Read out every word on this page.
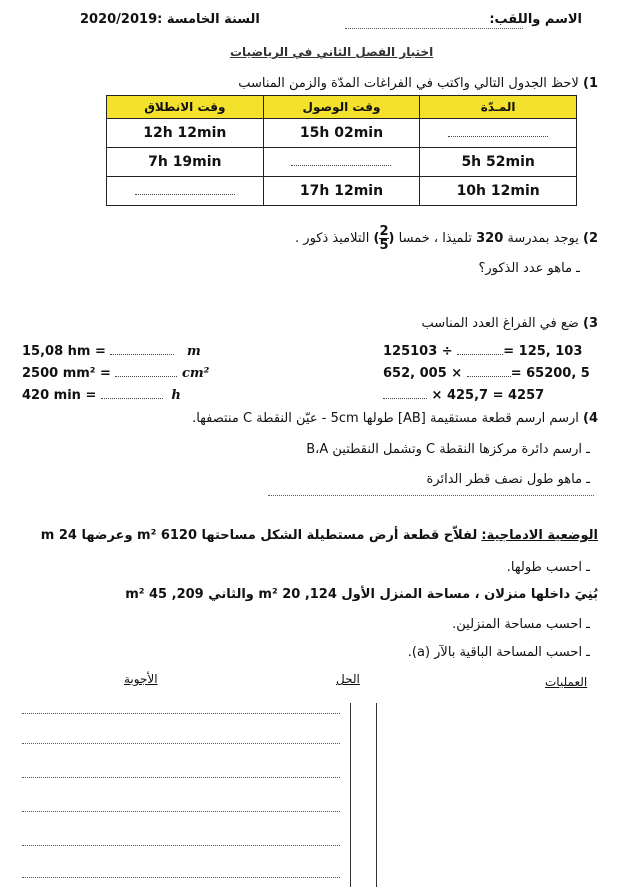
2020/2019: السنة الخامسة	الاسم واللقب:
اختبار الفصل الثاني في الرياضيات
1) لاحظ الجدول التالي واكتب في الفراغات المدّة والزمن المناسب
وقت الانطلاق	وقت الوصول	المـدّة
12h 12min	15h 02min	
7h 19min		5h 52min
	17h 12min	10h 12min
2) يوجد بمدرسة 320 تلميذا ، خمسا (
$\frac{2}{5}$
) التلاميذ ذكور .
ـ ماهو عدد الذكور؟
3) ضع في الفراغ العدد المناسب
15,08 hm =	m
2500 mm² =	cm²
420 min =	h
125103 ÷	= 125, 103
652, 005 ×	= 65200, 5
× 425,7 = 4257
4) ارسم ارسم قطعة مستقيمة [AB] طولها 5cm - عيّن النقطة C منتصفها.
ـ ارسم دائرة مركزها النقطة C وتشمل النقطتين B،A
ـ ماهو طول نصف قطر الدائرة
الوضعية الادماجية: لفلاّح قطعة أرض مستطيلة الشكل مساحتها 6120 m² وعرضها 24 m
ـ احسب طولها.
بُنِيَ داخلها منزلان ، مساحة المنزل الأول 124, 20 m² والثاني 209, 45 m²
ـ احسب مساحة المنزلين.
ـ احسب المساحة الباقية بالآر (a).
العمليات
الحل
الأجوبة
